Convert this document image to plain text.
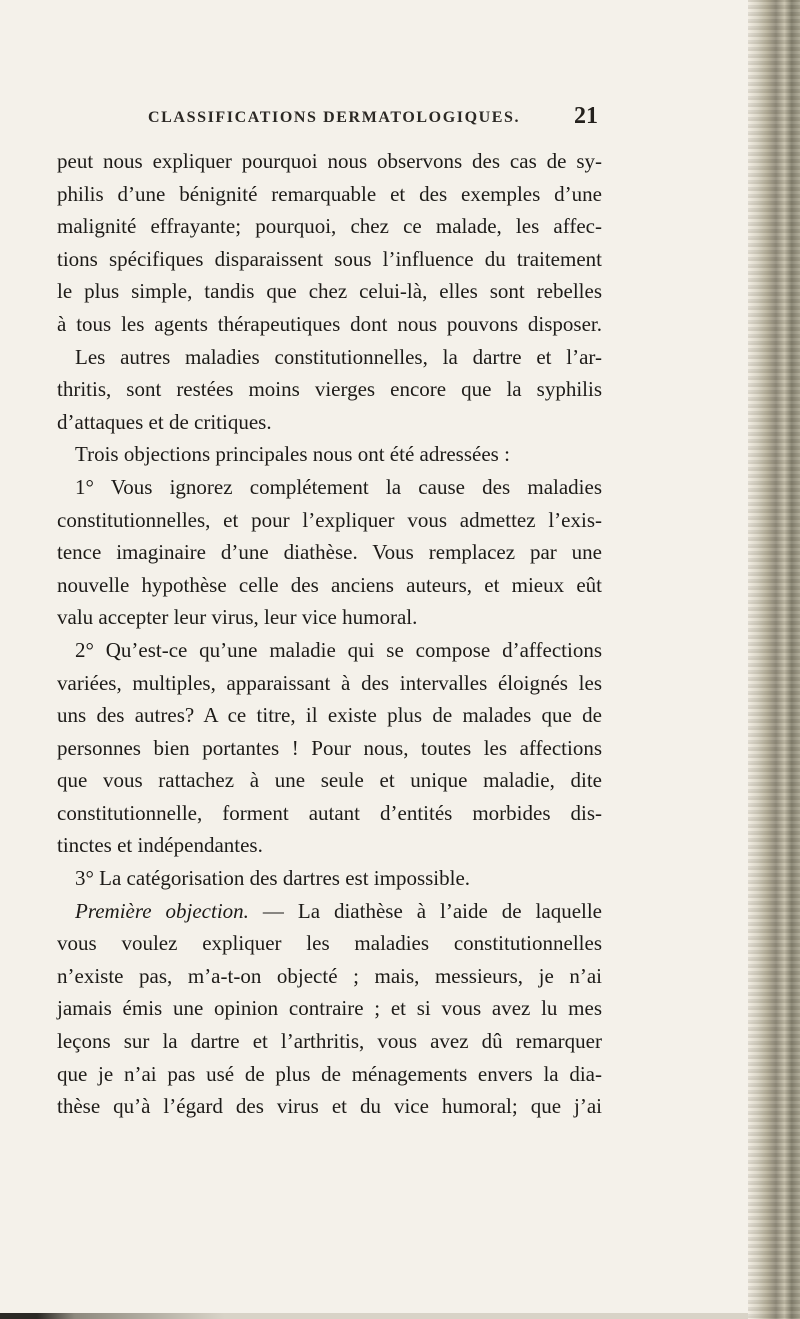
CLASSIFICATIONS DERMATOLOGIQUES. 21
peut nous expliquer pourquoi nous observons des cas de sy-
philis d’une bénignité remarquable et des exemples d’une
malignité effrayante; pourquoi, chez ce malade, les affec-
tions spécifiques disparaissent sous l’influence du traitement
le plus simple, tandis que chez celui-là, elles sont rebelles
à tous les agents thérapeutiques dont nous pouvons disposer.
Les autres maladies constitutionnelles, la dartre et l’ar-
thritis, sont restées moins vierges encore que la syphilis
d’attaques et de critiques.
Trois objections principales nous ont été adressées :
1° Vous ignorez complétement la cause des maladies
constitutionnelles, et pour l’expliquer vous admettez l’exis-
tence imaginaire d’une diathèse. Vous remplacez par une
nouvelle hypothèse celle des anciens auteurs, et mieux eût
valu accepter leur virus, leur vice humoral.
2° Qu’est-ce qu’une maladie qui se compose d’affections
variées, multiples, apparaissant à des intervalles éloignés les
uns des autres? A ce titre, il existe plus de malades que de
personnes bien portantes ! Pour nous, toutes les affections
que vous rattachez à une seule et unique maladie, dite
constitutionnelle, forment autant d’entités morbides dis-
tinctes et indépendantes.
3° La catégorisation des dartres est impossible.
Première objection. — La diathèse à l’aide de laquelle
vous voulez expliquer les maladies constitutionnelles
n’existe pas, m’a-t-on objecté ; mais, messieurs, je n’ai
jamais émis une opinion contraire ; et si vous avez lu mes
leçons sur la dartre et l’arthritis, vous avez dû remarquer
que je n’ai pas usé de plus de ménagements envers la dia-
thèse qu’à l’égard des virus et du vice humoral; que j’ai
